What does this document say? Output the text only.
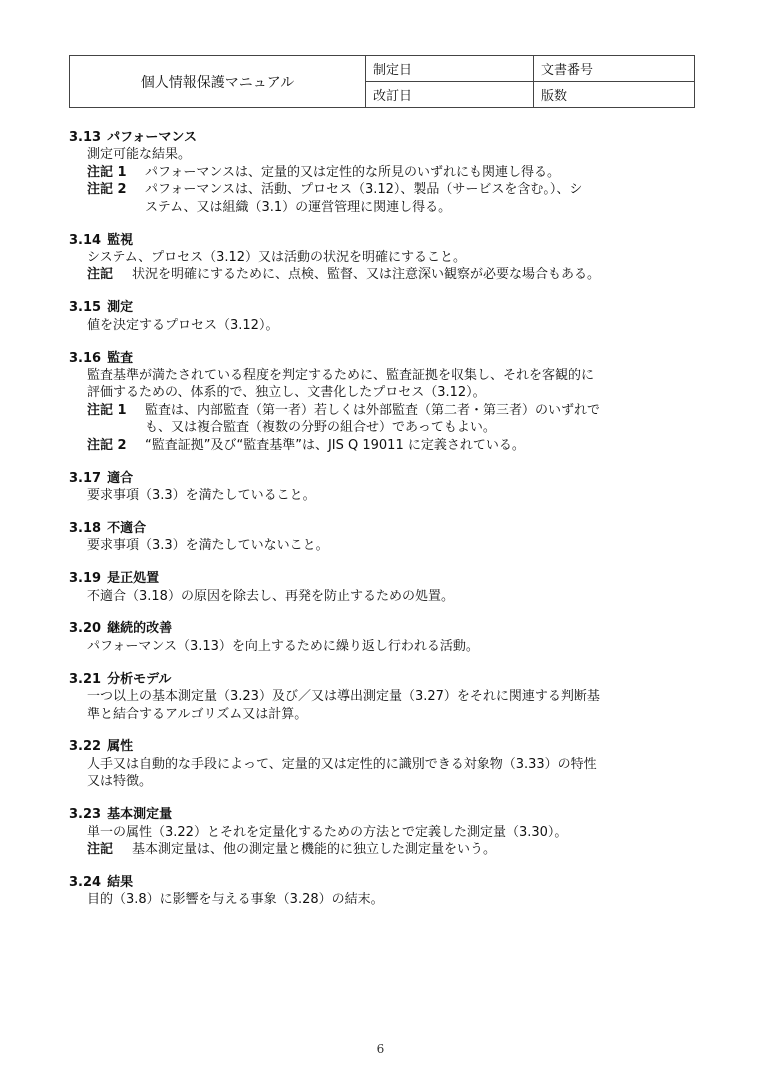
個人情報保護マニュアル	制定日	文書番号
	改訂日	版数
3.13 パフォーマンス
測定可能な結果。
注記 1	パフォーマンスは、定量的又は定性的な所見のいずれにも関連し得る。
注記 2	パフォーマンスは、活動、プロセス（3.12）、製品（サービスを含む。）、シ
ステム、又は組織（3.1）の運営管理に関連し得る。
3.14 監視
システム、プロセス（3.12）又は活動の状況を明確にすること。
注記	状況を明確にするために、点検、監督、又は注意深い観察が必要な場合もある。
3.15 測定
値を決定するプロセス（3.12）。
3.16 監査
監査基準が満たされている程度を判定するために、監査証拠を収集し、それを客観的に
評価するための、体系的で、独立し、文書化したプロセス（3.12）。
注記 1	監査は、内部監査（第一者）若しくは外部監査（第二者・第三者）のいずれで
も、又は複合監査（複数の分野の組合せ）であってもよい。
注記 2	“監査証拠”及び“監査基準”は、JIS Q 19011 に定義されている。
3.17 適合
要求事項（3.3）を満たしていること。
3.18 不適合
要求事項（3.3）を満たしていないこと。
3.19 是正処置
不適合（3.18）の原因を除去し、再発を防止するための処置。
3.20 継続的改善
パフォーマンス（3.13）を向上するために繰り返し行われる活動。
3.21 分析モデル
一つ以上の基本測定量（3.23）及び／又は導出測定量（3.27）をそれに関連する判断基
準と結合するアルゴリズム又は計算。
3.22 属性
人手又は自動的な手段によって、定量的又は定性的に識別できる対象物（3.33）の特性
又は特徴。
3.23 基本測定量
単一の属性（3.22）とそれを定量化するための方法とで定義した測定量（3.30）。
注記	基本測定量は、他の測定量と機能的に独立した測定量をいう。
3.24 結果
目的（3.8）に影響を与える事象（3.28）の結末。
6
